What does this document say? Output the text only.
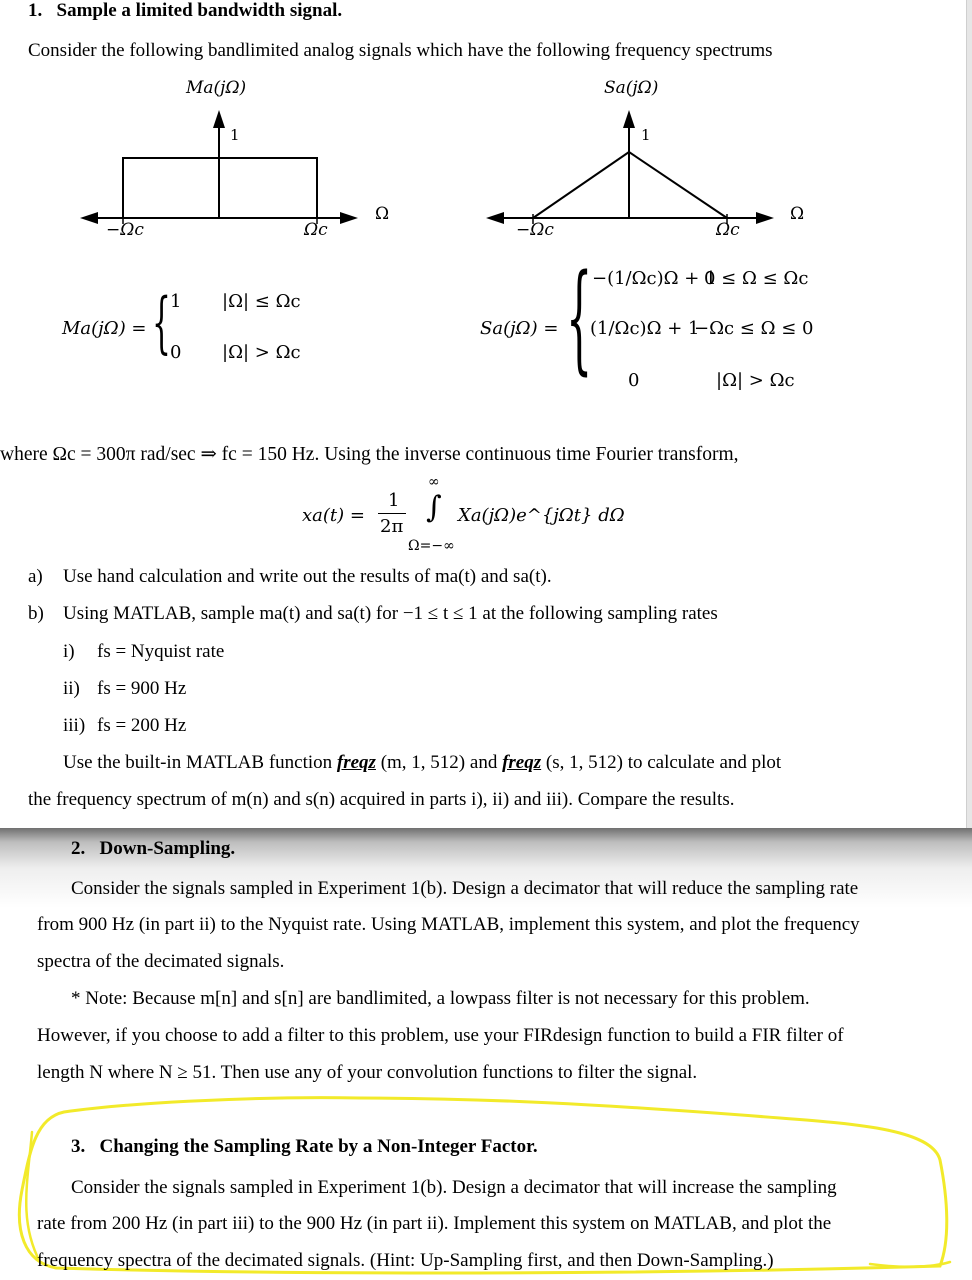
1. Sample a limited bandwidth signal.
Consider the following bandlimited analog signals which have the following frequency spectrums
Ma(jΩ)
1
−Ωc	Ωc
Ω
Sa(jΩ)
1
−Ωc	Ωc
Ω
Ma(jΩ) = { 1 |Ω| ≤ Ωc
0 |Ω| > Ωc
Sa(jΩ) = { −(1/Ωc)Ω + 1
0 ≤ Ω ≤ Ωc
(1/Ωc)Ω + 1
−Ωc ≤ Ω ≤ 0
0	|Ω| > Ωc
where Ωc = 300π rad/sec ⇒ fc = 150 Hz. Using the inverse continuous time Fourier transform,
xa(t) =
1
2π
∞
∫
Ω=−∞
Xa(jΩ)e^{jΩt} dΩ
a) Use hand calculation and write out the results of ma(t) and sa(t).
b) Using MATLAB, sample ma(t) and sa(t) for −1 ≤ t ≤ 1 at the following sampling rates
i) fs = Nyquist rate
ii) fs = 900 Hz
iii) fs = 200 Hz
Use the built-in MATLAB function freqz (m, 1, 512) and freqz (s, 1, 512) to calculate and plot
the frequency spectrum of m(n) and s(n) acquired in parts i), ii) and iii). Compare the results.
2. Down-Sampling.
Consider the signals sampled in Experiment 1(b). Design a decimator that will reduce the sampling rate
from 900 Hz (in part ii) to the Nyquist rate. Using MATLAB, implement this system, and plot the frequency
spectra of the decimated signals.
* Note: Because m[n] and s[n] are bandlimited, a lowpass filter is not necessary for this problem.
However, if you choose to add a filter to this problem, use your FIRdesign function to build a FIR filter of
length N where N ≥ 51. Then use any of your convolution functions to filter the signal.
3. Changing the Sampling Rate by a Non-Integer Factor.
Consider the signals sampled in Experiment 1(b). Design a decimator that will increase the sampling
rate from 200 Hz (in part iii) to the 900 Hz (in part ii). Implement this system on MATLAB, and plot the
frequency spectra of the decimated signals. (Hint: Up-Sampling first, and then Down-Sampling.)
